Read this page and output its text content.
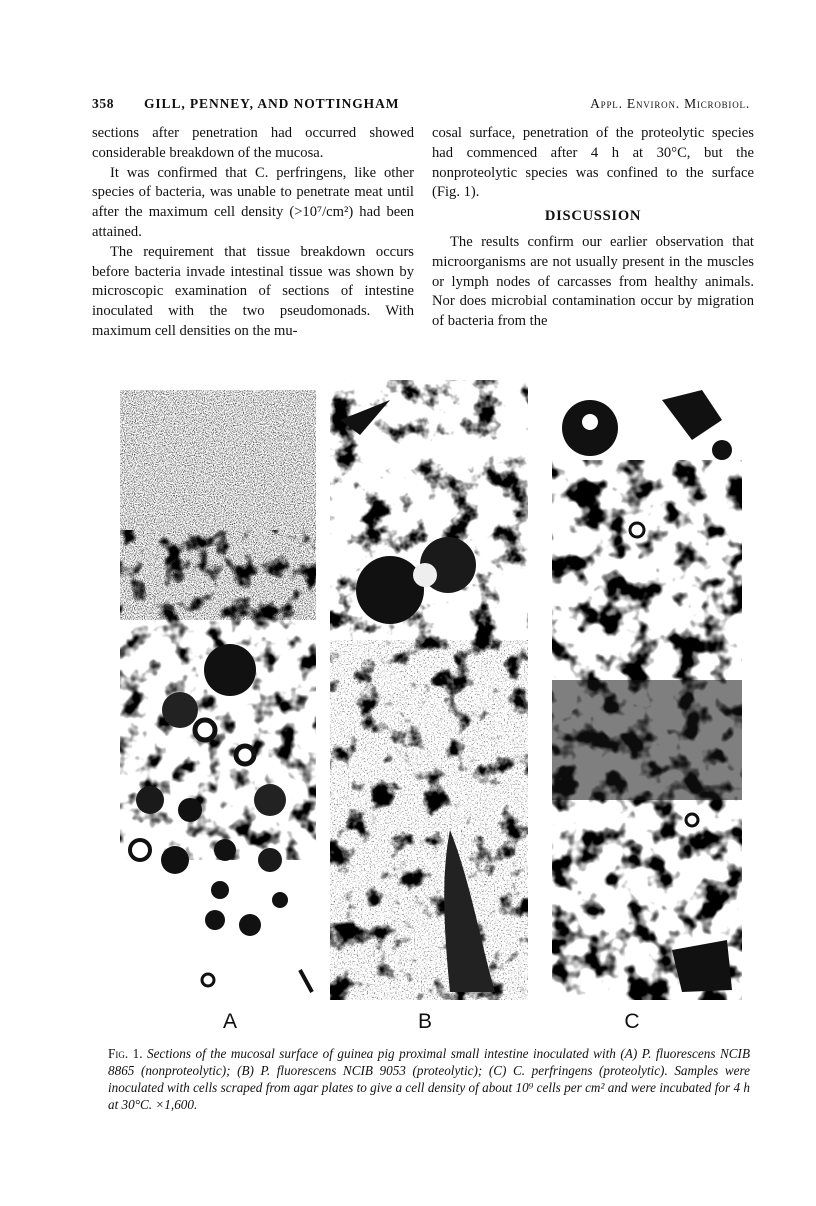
358 GILL, PENNEY, AND NOTTINGHAM	Appl. Environ. Microbiol.

sections after penetration had occurred showed considerable breakdown of the mucosa.

It was confirmed that C. perfringens, like other species of bacteria, was unable to penetrate meat until after the maximum cell density (>10⁷/cm²) had been attained.

The requirement that tissue breakdown occurs before bacteria invade intestinal tissue was shown by microscopic examination of sections of intestine inoculated with the two pseudomonads. With maximum cell densities on the mu-

cosal surface, penetration of the proteolytic species had commenced after 4 h at 30°C, but the nonproteolytic species was confined to the surface (Fig. 1).

DISCUSSION

The results confirm our earlier observation that microorganisms are not usually present in the muscles or lymph nodes of carcasses from healthy animals. Nor does microbial contamination occur by migration of bacteria from the

A	B	C
Fig. 1. Sections of the mucosal surface of guinea pig proximal small intestine inoculated with (A) P. fluorescens NCIB 8865 (nonproteolytic); (B) P. fluorescens NCIB 9053 (proteolytic); (C) C. perfringens (proteolytic). Samples were inoculated with cells scraped from agar plates to give a cell density of about 10⁹ cells per cm² and were incubated for 4 h at 30°C. ×1,600.
